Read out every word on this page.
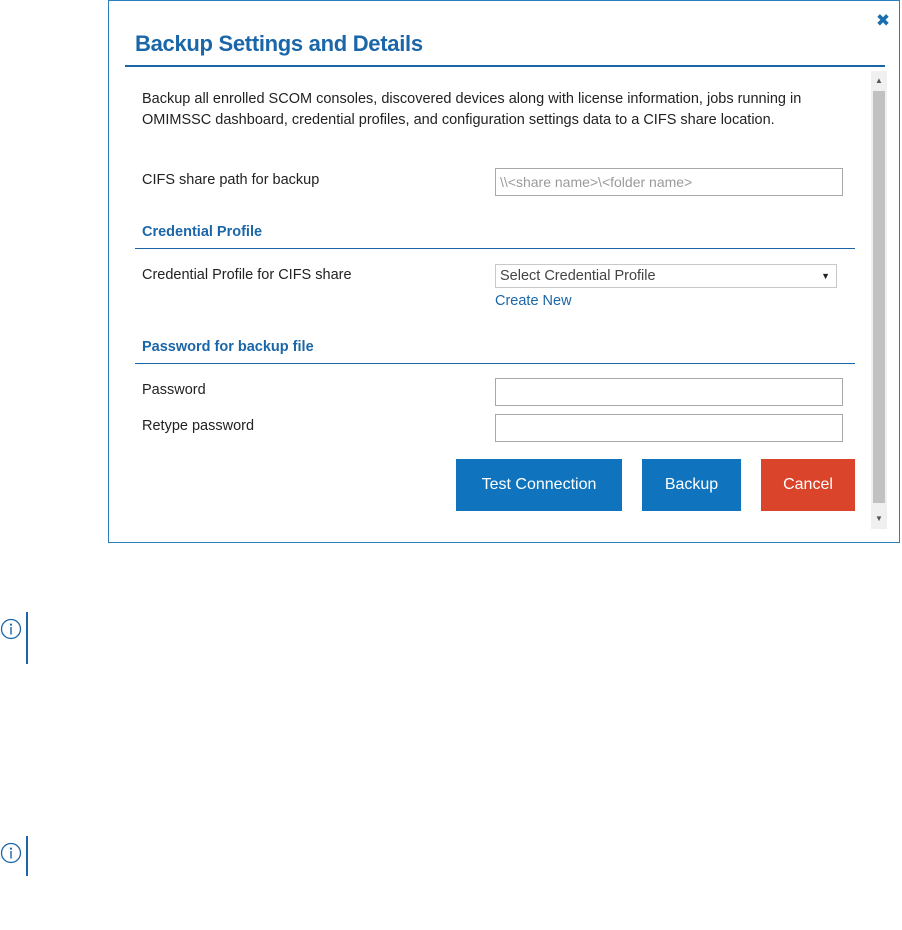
✖
Backup Settings and Details
Backup all enrolled SCOM consoles, discovered devices along with license information, jobs running in OMIMSSC dashboard, credential profiles, and configuration settings data to a CIFS share location.
CIFS share path for backup
\\<share name>\<folder name>
Credential Profile
Credential Profile for CIFS share	Select Credential Profile	▼
Create New
Password for backup file
Password
Retype password
Test Connection	Backup	Cancel
▲
▼
